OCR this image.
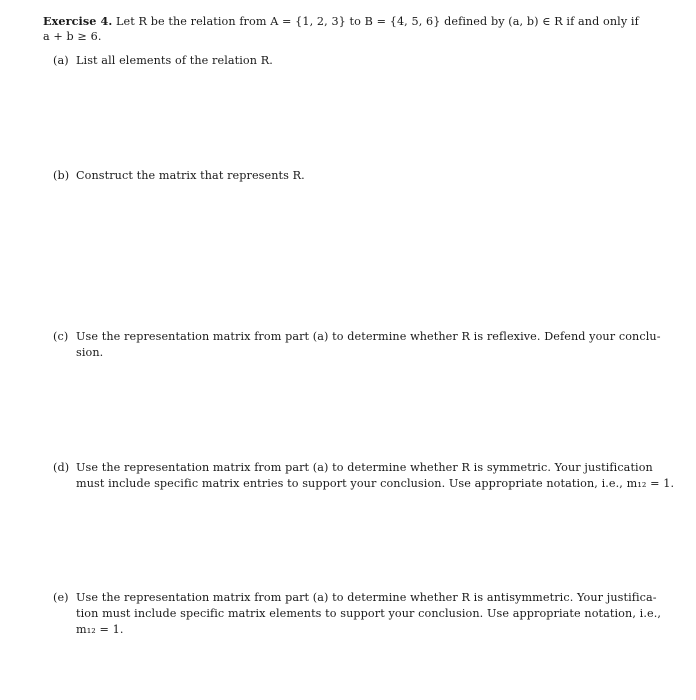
Exercise 4. Let R be the relation from A = {1, 2, 3} to B = {4, 5, 6} defined by (a, b) ∈ R if and only if
a + b ≥ 6.
(a) List all elements of the relation R.
(b) Construct the matrix that represents R.
(c) Use the representation matrix from part (a) to determine whether R is reflexive. Defend your conclu-
sion.
(d) Use the representation matrix from part (a) to determine whether R is symmetric. Your justification
must include specific matrix entries to support your conclusion. Use appropriate notation, i.e., m₁₂ = 1.
(e) Use the representation matrix from part (a) to determine whether R is antisymmetric. Your justifica-
tion must include specific matrix elements to support your conclusion. Use appropriate notation, i.e.,
m₁₂ = 1.
